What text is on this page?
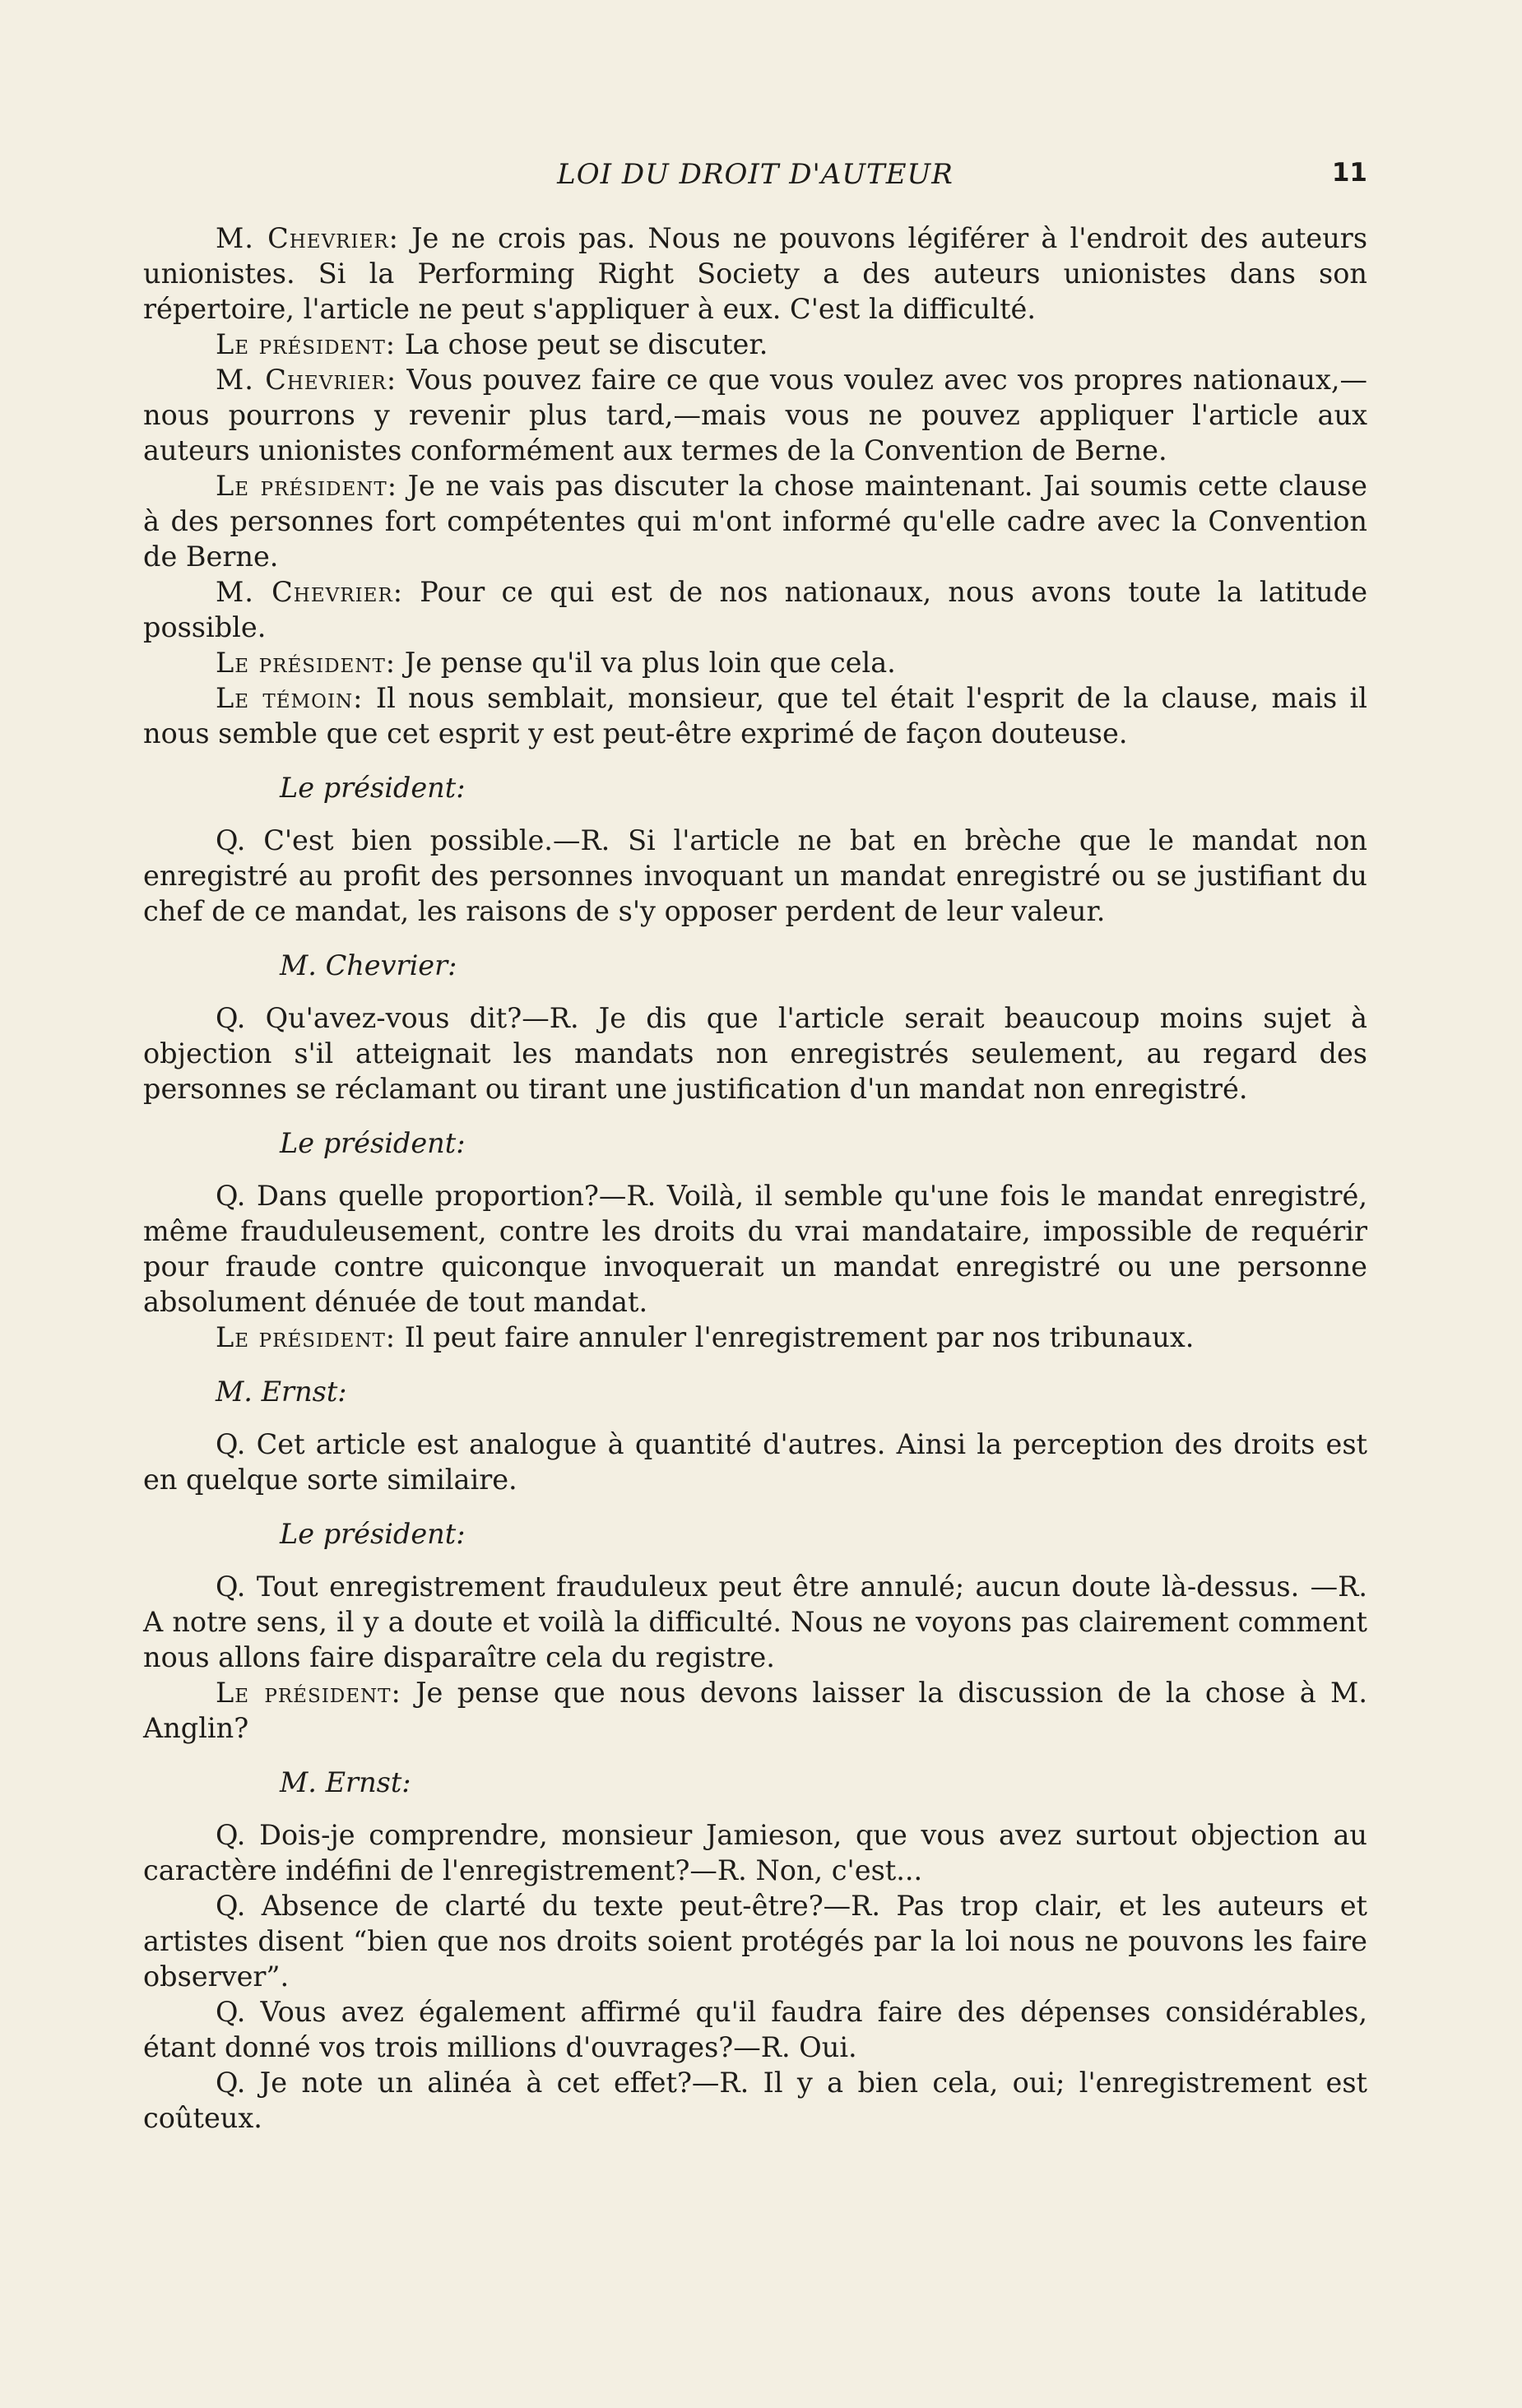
LOI DU DROIT D'AUTEUR	11

M. Chevrier: Je ne crois pas. Nous ne pouvons légiférer à l'endroit des auteurs unionistes. Si la Performing Right Society a des auteurs unionistes dans son répertoire, l'article ne peut s'appliquer à eux. C'est la difficulté.

Le président: La chose peut se discuter.

M. Chevrier: Vous pouvez faire ce que vous voulez avec vos propres nationaux,—nous pourrons y revenir plus tard,—mais vous ne pouvez appliquer l'article aux auteurs unionistes conformément aux termes de la Convention de Berne.

Le président: Je ne vais pas discuter la chose maintenant. Jai soumis cette clause à des personnes fort compétentes qui m'ont informé qu'elle cadre avec la Convention de Berne.

M. Chevrier: Pour ce qui est de nos nationaux, nous avons toute la latitude possible.

Le président: Je pense qu'il va plus loin que cela.

Le témoin: Il nous semblait, monsieur, que tel était l'esprit de la clause, mais il nous semble que cet esprit y est peut-être exprimé de façon douteuse.

Le président:

Q. C'est bien possible.—R. Si l'article ne bat en brèche que le mandat non enregistré au profit des personnes invoquant un mandat enregistré ou se justifiant du chef de ce mandat, les raisons de s'y opposer perdent de leur valeur.

M. Chevrier:

Q. Qu'avez-vous dit?—R. Je dis que l'article serait beaucoup moins sujet à objection s'il atteignait les mandats non enregistrés seulement, au regard des personnes se réclamant ou tirant une justification d'un mandat non enregistré.

Le président:

Q. Dans quelle proportion?—R. Voilà, il semble qu'une fois le mandat enregistré, même frauduleusement, contre les droits du vrai mandataire, impossible de requérir pour fraude contre quiconque invoquerait un mandat enregistré ou une personne absolument dénuée de tout mandat.

Le président: Il peut faire annuler l'enregistrement par nos tribunaux.

M. Ernst:

Q. Cet article est analogue à quantité d'autres. Ainsi la perception des droits est en quelque sorte similaire.

Le président:

Q. Tout enregistrement frauduleux peut être annulé; aucun doute là-dessus. —R. A notre sens, il y a doute et voilà la difficulté. Nous ne voyons pas clairement comment nous allons faire disparaître cela du registre.

Le président: Je pense que nous devons laisser la discussion de la chose à M. Anglin?

M. Ernst:

Q. Dois-je comprendre, monsieur Jamieson, que vous avez surtout objection au caractère indéfini de l'enregistrement?—R. Non, c'est...

Q. Absence de clarté du texte peut-être?—R. Pas trop clair, et les auteurs et artistes disent “bien que nos droits soient protégés par la loi nous ne pouvons les faire observer”.

Q. Vous avez également affirmé qu'il faudra faire des dépenses considérables, étant donné vos trois millions d'ouvrages?—R. Oui.

Q. Je note un alinéa à cet effet?—R. Il y a bien cela, oui; l'enregistrement est coûteux.
